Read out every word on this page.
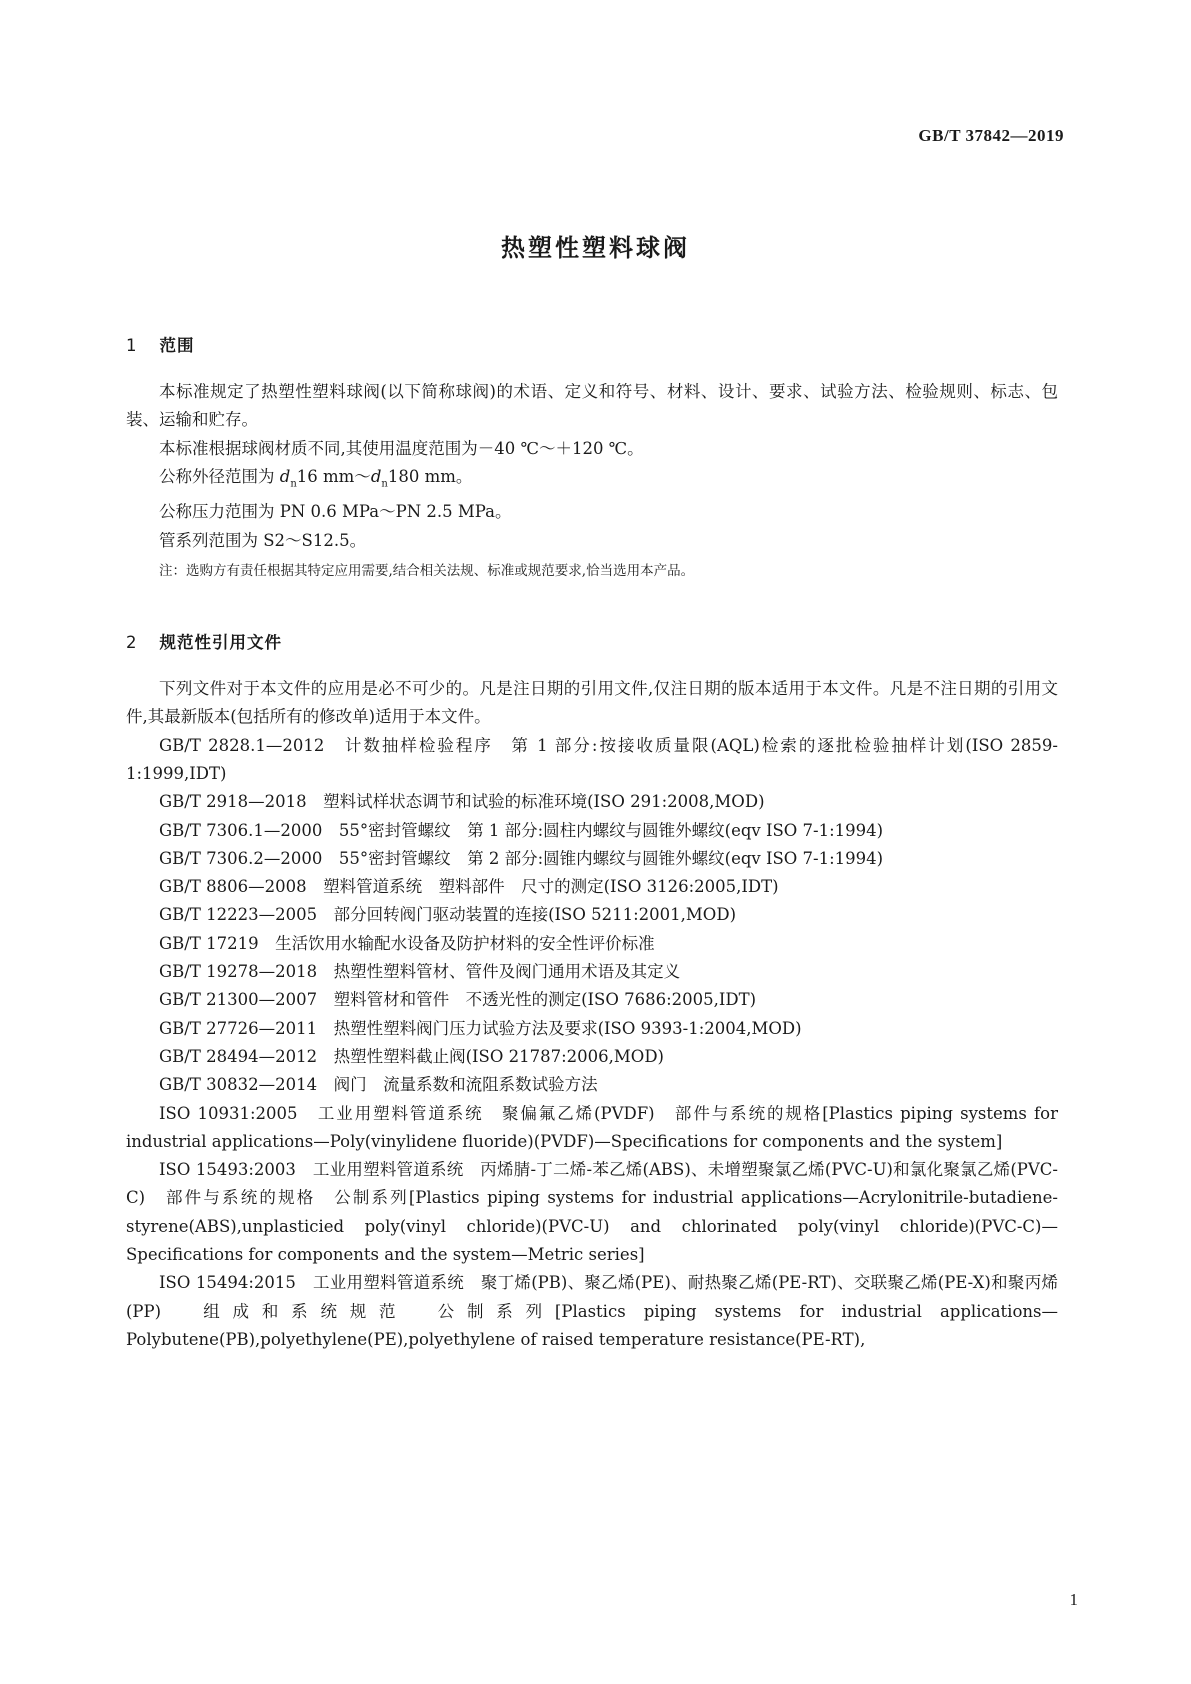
GB/T 37842—2019
热塑性塑料球阀
1 范围

本标准规定了热塑性塑料球阀(以下简称球阀)的术语、定义和符号、材料、设计、要求、试验方法、检验规则、标志、包装、运输和贮存。

本标准根据球阀材质不同,其使用温度范围为－40 ℃～＋120 ℃。

公称外径范围为 $d_n16$ $mm\sim d_n180$ mm。

公称压力范围为 PN 0.6 MPa～PN 2.5 MPa。

管系列范围为 S2～S12.5。

注：选购方有责任根据其特定应用需要,结合相关法规、标准或规范要求,恰当选用本产品。
2 规范性引用文件

下列文件对于本文件的应用是必不可少的。凡是注日期的引用文件,仅注日期的版本适用于本文件。凡是不注日期的引用文件,其最新版本(包括所有的修改单)适用于本文件。

GB/T 2828.1—2012　计数抽样检验程序　第 1 部分:按接收质量限(AQL)检索的逐批检验抽样计划(ISO 2859-1:1999,IDT)

GB/T 2918—2018　塑料试样状态调节和试验的标准环境(ISO 291:2008,MOD)

GB/T 7306.1—2000　55°密封管螺纹　第 1 部分:圆柱内螺纹与圆锥外螺纹(eqv ISO 7-1:1994)

GB/T 7306.2—2000　55°密封管螺纹　第 2 部分:圆锥内螺纹与圆锥外螺纹(eqv ISO 7-1:1994)

GB/T 8806—2008　塑料管道系统　塑料部件　尺寸的测定(ISO 3126:2005,IDT)

GB/T 12223—2005　部分回转阀门驱动装置的连接(ISO 5211:2001,MOD)

GB/T 17219　生活饮用水输配水设备及防护材料的安全性评价标准

GB/T 19278—2018　热塑性塑料管材、管件及阀门通用术语及其定义

GB/T 21300—2007　塑料管材和管件　不透光性的测定(ISO 7686:2005,IDT)

GB/T 27726—2011　热塑性塑料阀门压力试验方法及要求(ISO 9393-1:2004,MOD)

GB/T 28494—2012　热塑性塑料截止阀(ISO 21787:2006,MOD)

GB/T 30832—2014　阀门　流量系数和流阻系数试验方法

ISO 10931:2005　工业用塑料管道系统　聚偏氟乙烯(PVDF)　部件与系统的规格[Plastics piping systems for industrial applications—Poly(vinylidene fluoride)(PVDF)—Specifications for components and the system]

ISO 15493:2003　工业用塑料管道系统　丙烯腈-丁二烯-苯乙烯(ABS)、未增塑聚氯乙烯(PVC-U)和氯化聚氯乙烯(PVC-C)　部件与系统的规格　公制系列[Plastics piping systems for industrial applications—Acrylonitrile-butadiene-styrene(ABS),unplasticied poly(vinyl chloride)(PVC-U) and chlorinated poly(vinyl chloride)(PVC-C)—Specifications for components and the system—Metric series]

ISO 15494:2015　工业用塑料管道系统　聚丁烯(PB)、聚乙烯(PE)、耐热聚乙烯(PE-RT)、交联聚乙烯(PE-X)和聚丙烯(PP)　组成和系统规范　公制系列[Plastics piping systems for industrial applications—Polybutene(PB),polyethylene(PE),polyethylene of raised temperature resistance(PE-RT),

1
